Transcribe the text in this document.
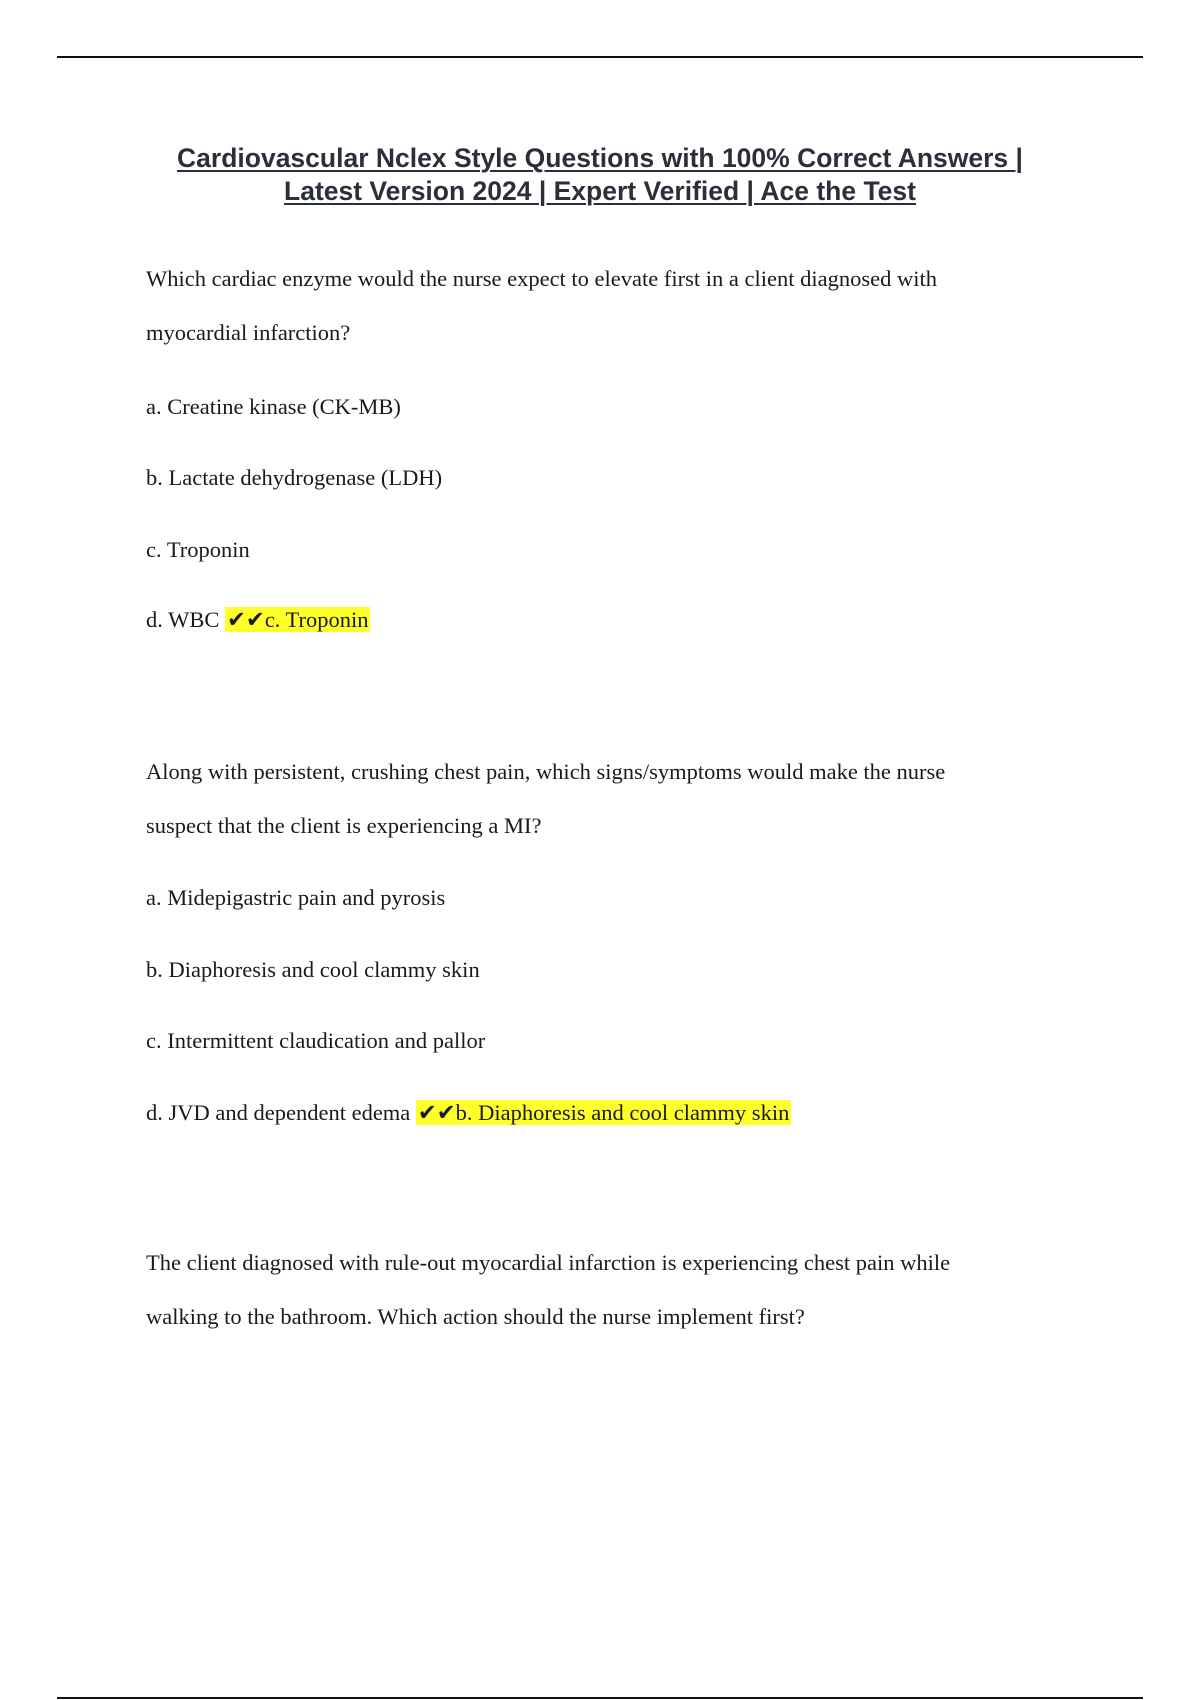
Cardiovascular Nclex Style Questions with 100% Correct Answers |
Latest Version 2024 | Expert Verified | Ace the Test
Which cardiac enzyme would the nurse expect to elevate first in a client diagnosed with
myocardial infarction?
a. Creatine kinase (CK-MB)
b. Lactate dehydrogenase (LDH)
c. Troponin
d. WBC ✔✔c. Troponin
Along with persistent, crushing chest pain, which signs/symptoms would make the nurse
suspect that the client is experiencing a MI?
a. Midepigastric pain and pyrosis
b. Diaphoresis and cool clammy skin
c. Intermittent claudication and pallor
d. JVD and dependent edema ✔✔b. Diaphoresis and cool clammy skin
The client diagnosed with rule-out myocardial infarction is experiencing chest pain while
walking to the bathroom. Which action should the nurse implement first?
